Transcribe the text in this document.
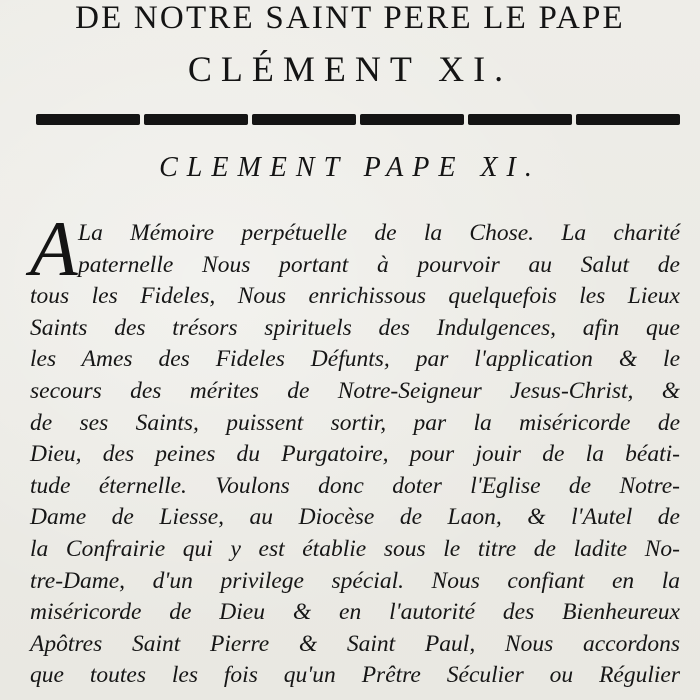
DE NOTRE SAINT PERE LE PAPE
CLÉMENT XI.
CLEMENT PAPE XI.
A La Mémoire perpétuelle de la Chose. La charité
paternelle Nous portant à pourvoir au Salut de
tous les Fideles, Nous enrichissous quelquefois les Lieux
Saints des trésors spirituels des Indulgences, afin que
les Ames des Fideles Défunts, par l'application & le
secours des mérites de Notre-Seigneur Jesus-Christ, &
de ses Saints, puissent sortir, par la miséricorde de
Dieu, des peines du Purgatoire, pour jouir de la béati-
tude éternelle. Voulons donc doter l'Eglise de Notre-
Dame de Liesse, au Diocèse de Laon, & l'Autel de
la Confrairie qui y est établie sous le titre de ladite No-
tre-Dame, d'un privilege spécial. Nous confiant en la
miséricorde de Dieu & en l'autorité des Bienheureux
Apôtres Saint Pierre & Saint Paul, Nous accordons
que toutes les fois qu'un Prêtre Séculier ou Régulier
